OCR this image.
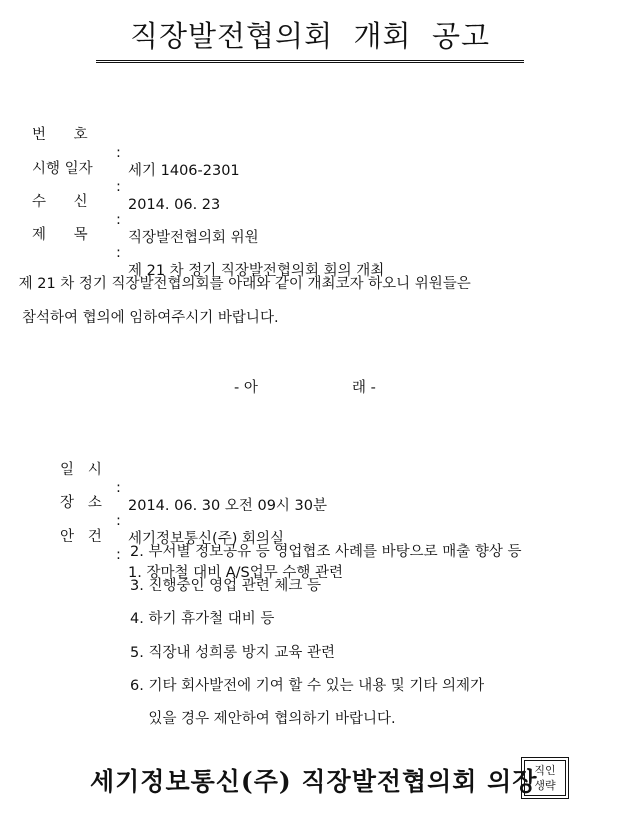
직장발전협의회  개회  공고

번      호

:

세기 1406-2301

시행 일자

:

2014. 06. 23

수      신

:

직장발전협의회 위원

제      목

:

제 21 차 정기 직장발전협의회 회의 개최

제 21 차 정기 직장발전협의회를 아래와 같이 개최코자 하오니 위원들은
참석하여 협의에 임하여주시기 바랍니다.
- 아	래 -

일   시

:

2014. 06. 30 오전 09시 30분

장   소

:

세기정보통신(주) 회의실

안   건

:

1. 장마철 대비 A/S업무 수행 관련

2. 부서별 정보공유 등 영업협조 사례를 바탕으로 매출 향상 등
3. 진행중인 영업 관련 체크 등
4. 하기 휴가철 대비 등
5. 직장내 성희롱 방지 교육 관련
6. 기타 회사발전에 기여 할 수 있는 내용 및 기타 의제가
있을 경우 제안하여 협의하기 바랍니다.
세기정보통신(주) 직장발전협의회 의장
직인
생략
